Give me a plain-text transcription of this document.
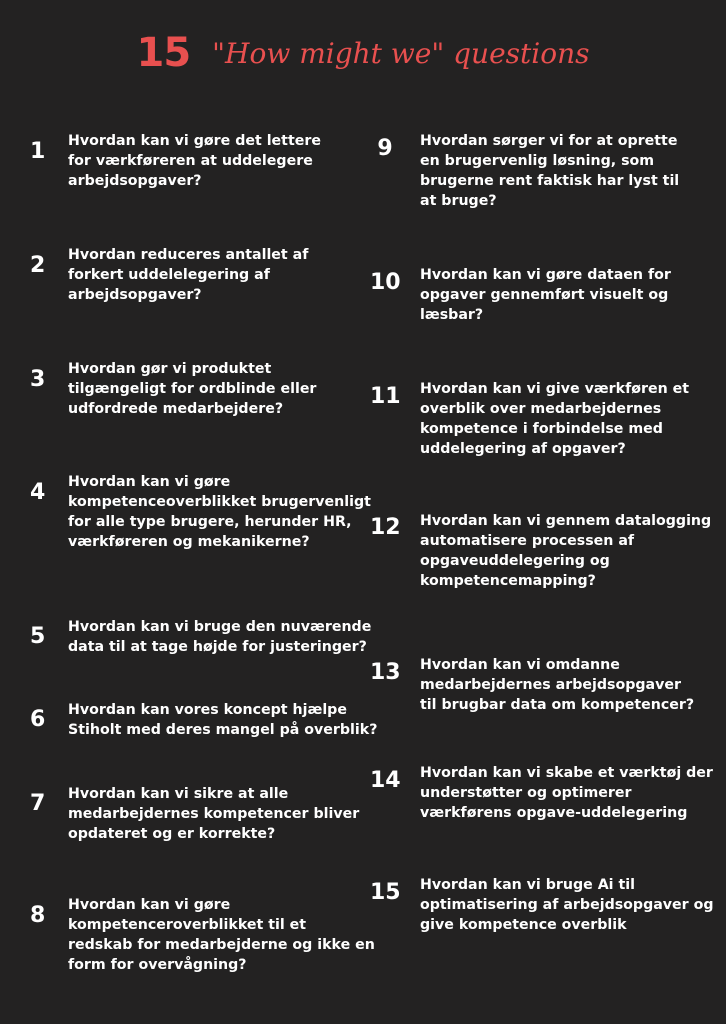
15 "How might we" questions
1 Hvordan kan vi gøre det lettere
for værkføreren at uddelegere
arbejdsopgaver?
2 Hvordan reduceres antallet af
forkert uddelelegering af
arbejdsopgaver?
3 Hvordan gør vi produktet
tilgængeligt for ordblinde eller
udfordrede medarbejdere?
4 Hvordan kan vi gøre
kompetenceoverblikket brugervenligt
for alle type brugere, herunder HR,
værkføreren og mekanikerne?
5 Hvordan kan vi bruge den nuværende
data til at tage højde for justeringer?
6 Hvordan kan vores koncept hjælpe
Stiholt med deres mangel på overblik?
7 Hvordan kan vi sikre at alle
medarbejdernes kompetencer bliver
opdateret og er korrekte?
8 Hvordan kan vi gøre
kompetenceroverblikket til et
redskab for medarbejderne og ikke en
form for overvågning?
9	Hvordan sørger vi for at oprette
en brugervenlig løsning, som
brugerne rent faktisk har lyst til
at bruge?
10 Hvordan kan vi gøre dataen for
opgaver gennemført visuelt og
læsbar?
11 Hvordan kan vi give værkføren et
overblik over medarbejdernes
kompetence i forbindelse med
uddelegering af opgaver?
12 Hvordan kan vi gennem datalogging
automatisere processen af
opgaveuddelegering og
kompetencemapping?
13 Hvordan kan vi omdanne
medarbejdernes arbejdsopgaver
til brugbar data om kompetencer?
14 Hvordan kan vi skabe et værktøj der
understøtter og optimerer
værkførens opgave-uddelegering
15 Hvordan kan vi bruge Ai til
optimatisering af arbejdsopgaver og
give kompetence overblik
